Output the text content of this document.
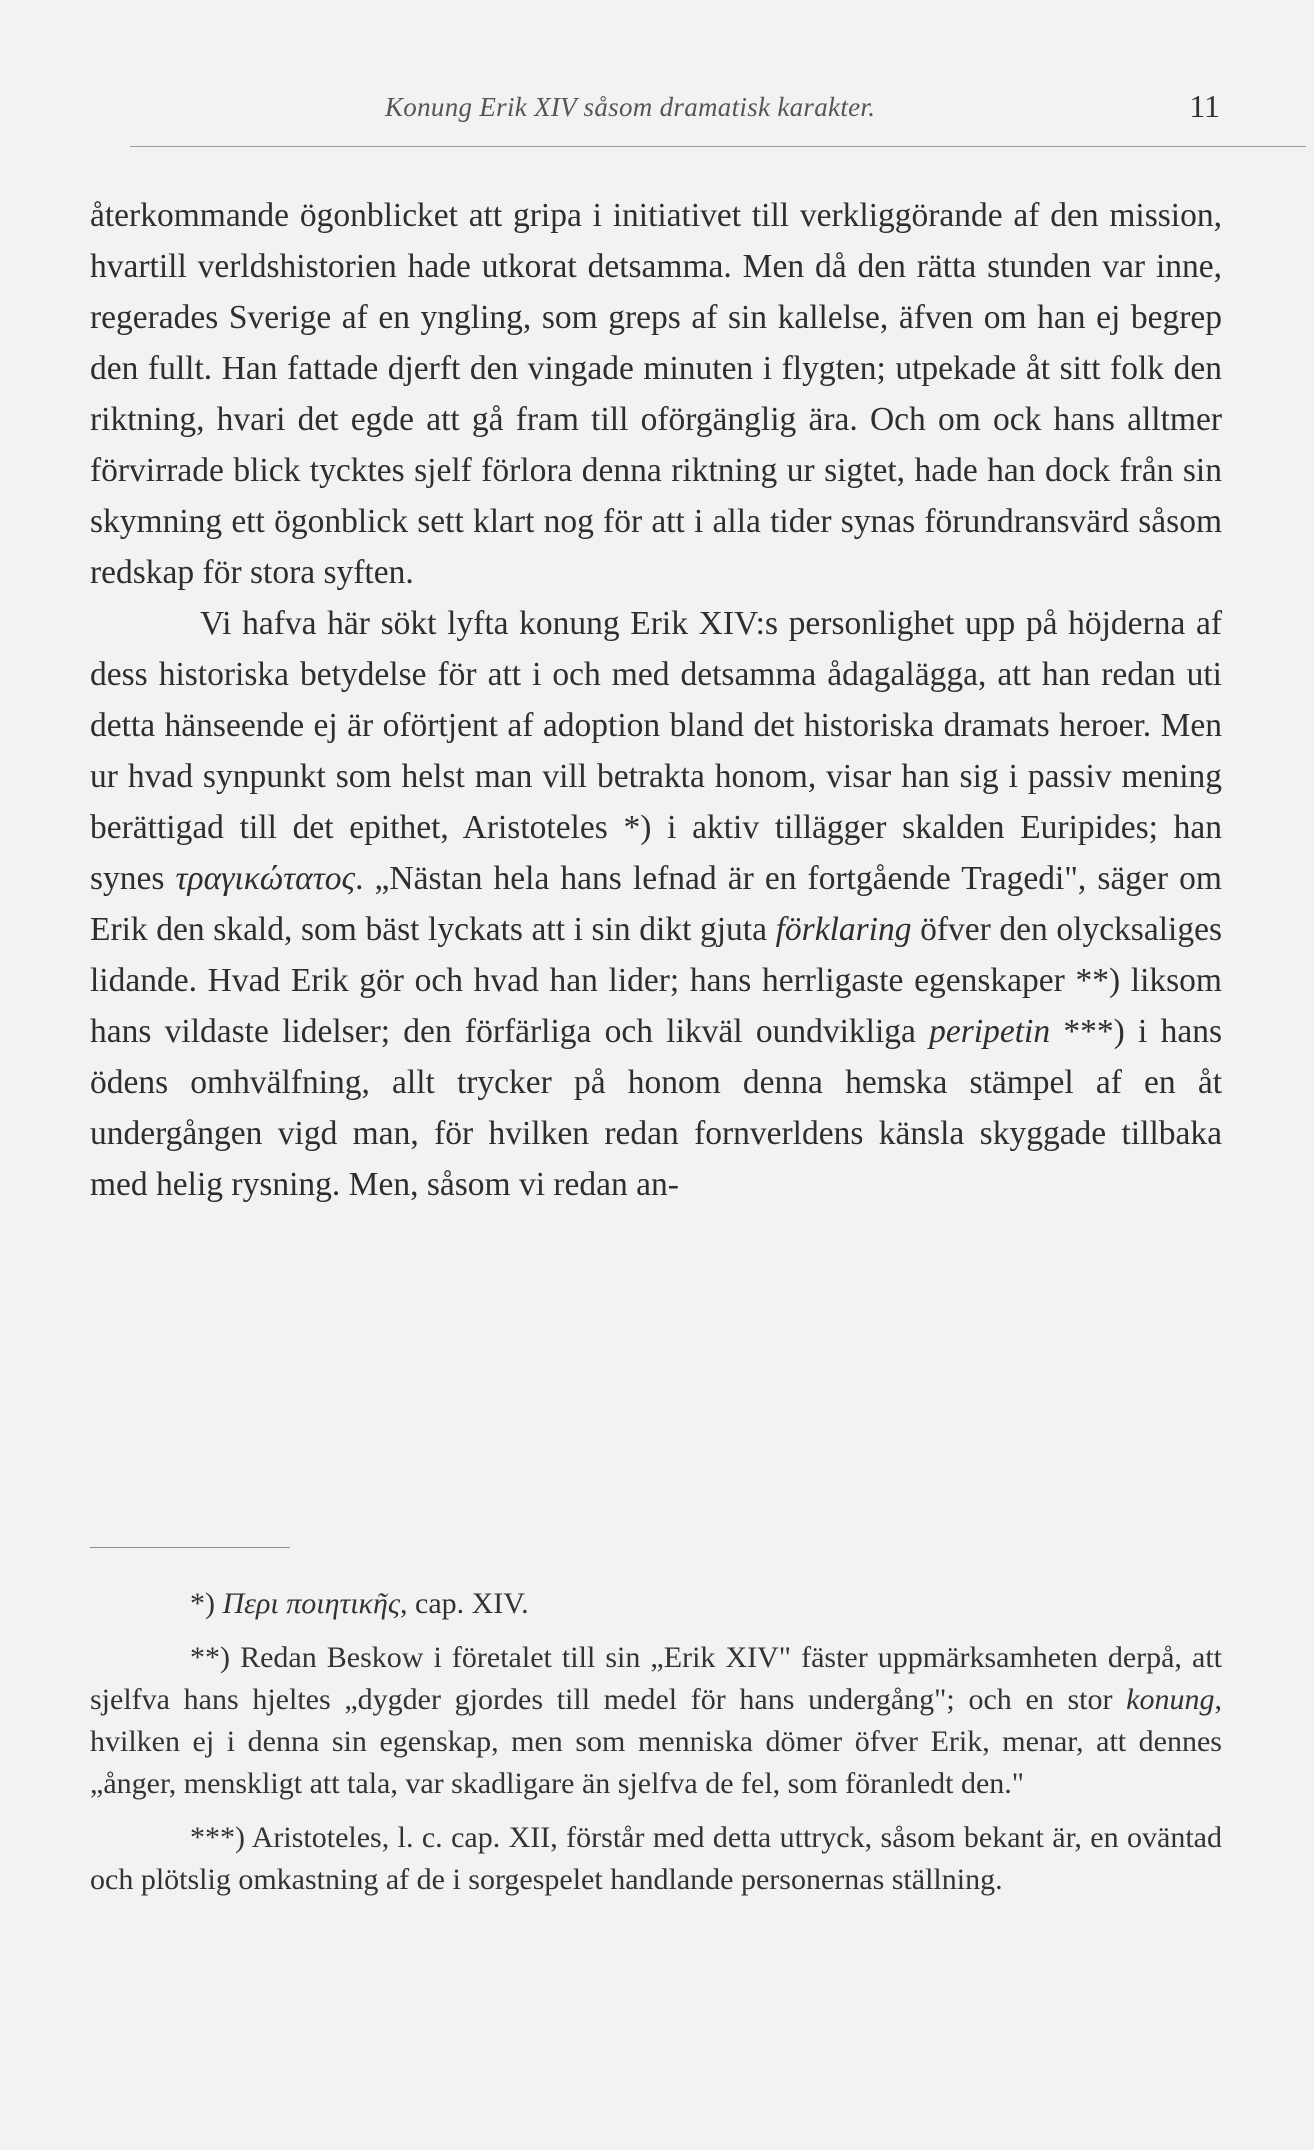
Konung Erik XIV såsom dramatisk karakter.	11

återkommande ögonblicket att gripa i initiativet till verkliggörande af den mission, hvartill verldshistorien hade utkorat detsamma. Men då den rätta stunden var inne, regerades Sverige af en yngling, som greps af sin kallelse, äfven om han ej begrep den fullt. Han fattade djerft den vingade minuten i flygten; utpekade åt sitt folk den riktning, hvari det egde att gå fram till oförgänglig ära. Och om ock hans alltmer förvirrade blick tycktes sjelf förlora denna riktning ur sigtet, hade han dock från sin skymning ett ögonblick sett klart nog för att i alla tider synas förundransvärd såsom redskap för stora syften.

Vi hafva här sökt lyfta konung Erik XIV:s personlighet upp på höjderna af dess historiska betydelse för att i och med detsamma ådagalägga, att han redan uti detta hänseende ej är oförtjent af adoption bland det historiska dramats heroer. Men ur hvad synpunkt som helst man vill betrakta honom, visar han sig i passiv mening berättigad till det epithet, Aristoteles *) i aktiv tillägger skalden Euripides; han synes τραγικώτατος. „Nästan hela hans lefnad är en fortgående Tragedi", säger om Erik den skald, som bäst lyckats att i sin dikt gjuta förklaring öfver den olycksaliges lidande. Hvad Erik gör och hvad han lider; hans herrligaste egenskaper **) liksom hans vildaste lidelser; den förfärliga och likväl oundvikliga peripetin ***) i hans ödens omhvälfning, allt trycker på honom denna hemska stämpel af en åt undergången vigd man, för hvilken redan fornverldens känsla skyggade tillbaka med helig rysning. Men, såsom vi redan an-

*) Περι ποιητικῆς, cap. XIV.

**) Redan Beskow i företalet till sin „Erik XIV" fäster uppmärksamheten derpå, att sjelfva hans hjeltes „dygder gjordes till medel för hans undergång"; och en stor konung, hvilken ej i denna sin egenskap, men som menniska dömer öfver Erik, menar, att dennes „ånger, menskligt att tala, var skadligare än sjelfva de fel, som föranledt den."

***) Aristoteles, l. c. cap. XII, förstår med detta uttryck, såsom bekant är, en oväntad och plötslig omkastning af de i sorgespelet handlande personernas ställning.
